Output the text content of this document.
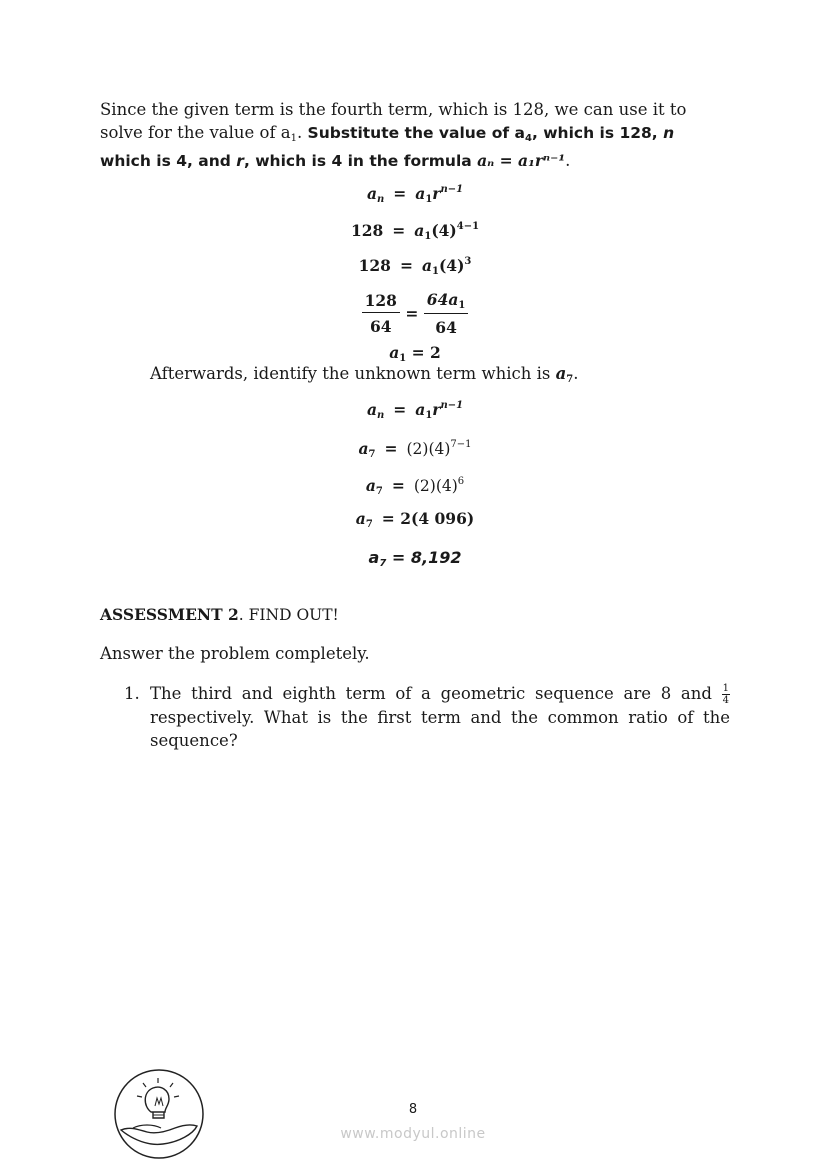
Since the given term is the fourth term, which is 128, we can use it to solve for the value of $a_1$. Substitute the value of $a_4$, which is 128, n which is 4, and r, which is 4 in the formula aₙ = a₁rⁿ⁻¹.
$a_n = a_1r^{n-1}$
$128 = a_1(4)^{4-1}$
$128 = a_1(4)^3$
$\frac{128}{64} = \frac{64a_1}{64}$
$a_1 = 2$
Afterwards, identify the unknown term which is $a_7$.
$a_n = a_1r^{n-1}$
$a_7 = (2)(4)^{7-1}$
$a_7 = (2)(4)^6$
$a_7 = 2(4$ 096)
$a_7 = 8,192$
ASSESSMENT 2. FIND OUT!
Answer the problem completely.
1. The third and eighth term of a geometric sequence are 8 and $\frac{1}{4}$
respectively. What is the first term and the common ratio of the sequence?
8
www.modyul.online
